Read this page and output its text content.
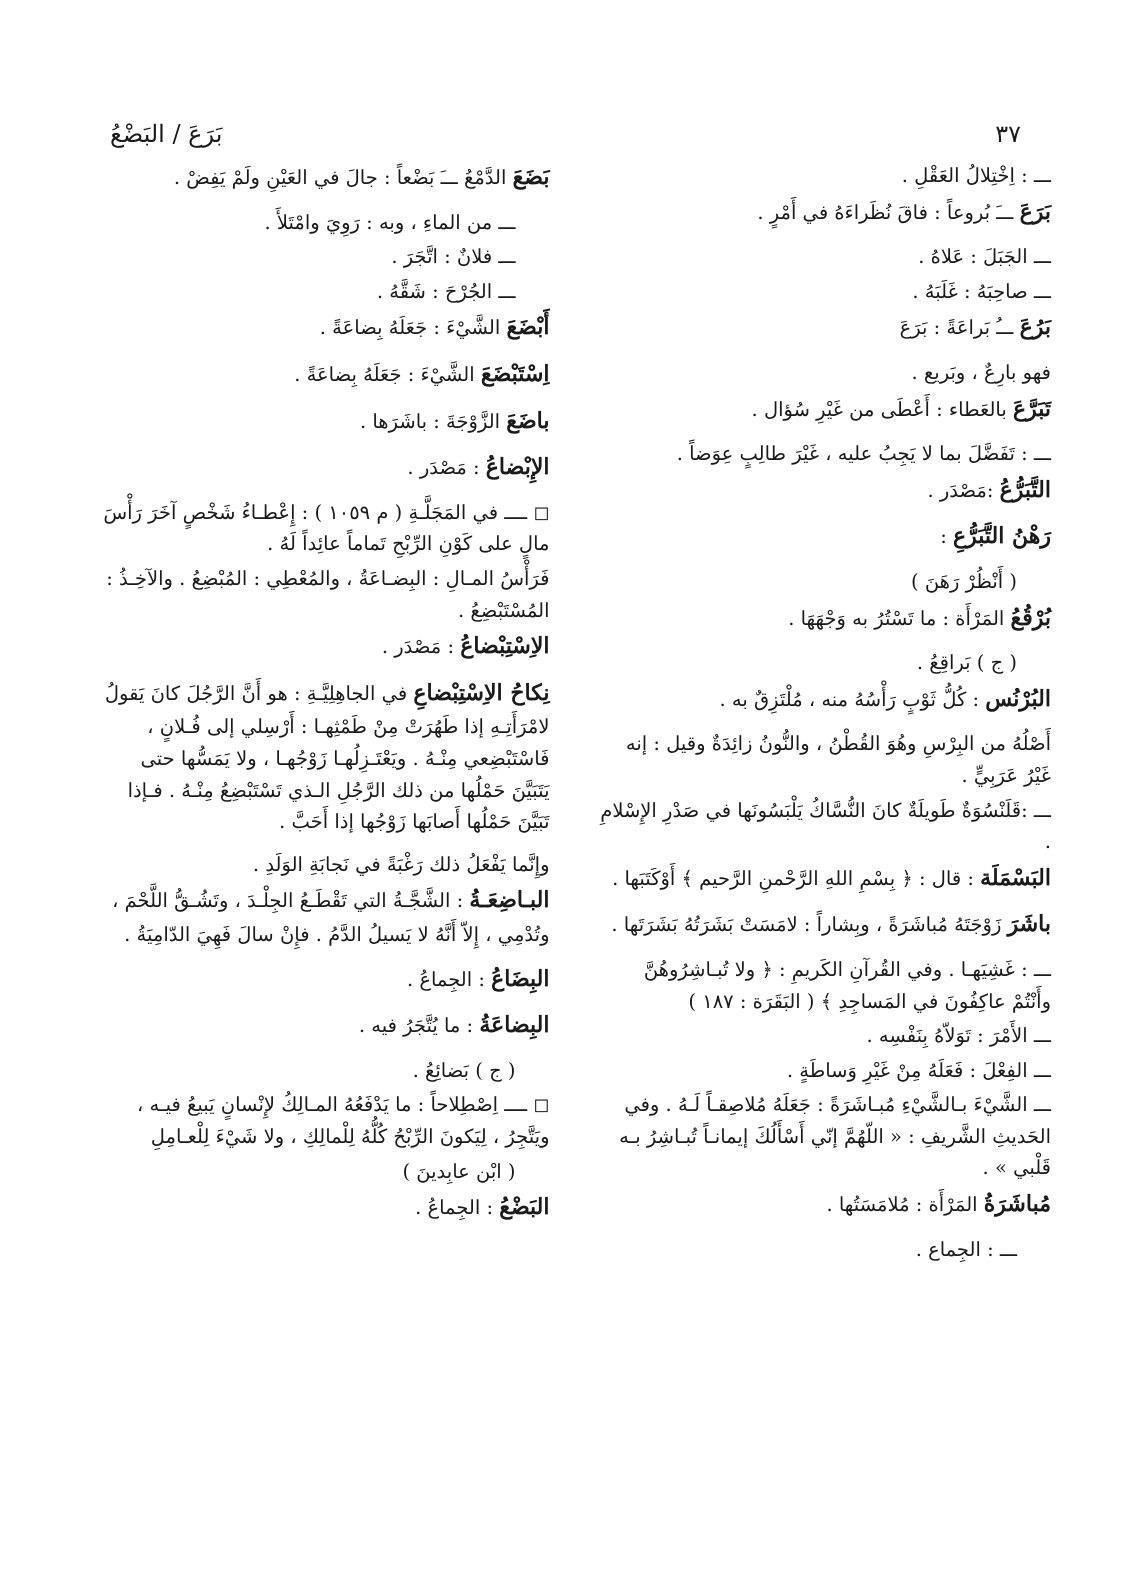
٣٧
بَرَعَ / البَضْعُ
ـــ : اِخْتِلالُ العَقْلِ .
بَرَعَ ـــَ بُروعاً : فاقَ نُظَراءَهُ في أَمْرٍ .
ـــ الجَبَلَ : عَلاهُ .
ـــ صاحِبَهُ : غَلَبَهُ .
بَرُعَ ـــُ بَراعَةً : بَرَعَ
فهو بارِعٌ ، وبَريع .
تَبَرَّعَ بالعَطاء : أَعْطَى من غَيْرِ سُؤال .
ـــ : تَفَضَّلَ بما لا يَجِبُ عليه ، غَيْرَ طالِبٍ عِوَضاً .
التَّبَرُّعُ :مَصْدَر .
رَهْنُ التَّبَرُّعِ :
( أَنْظُرْ رَهَنَ )
بُرْقُعُ المَرْأَة : ما تَسْتُرُ به وَجْهَهَا .
( ج ) بَراقِعُ .
البُرْنُس : كُلُّ ثَوْبٍ رَأْسُهُ منه ، مُلْتَزِقٌ به .
أَصْلُهُ من البِرْسِ وهُوَ القُطْنُ ، والنُّونُ زائِدَةٌ وقيل : إنه غَيْرُ عَرَبِيٍّ .
ـــ :قَلَنْسُوَةٌ طَويلَةٌ كانَ النُّسَّاكُ يَلْبَسُونَها في صَدْرِ الإِسْلامِ .
البَسْمَلَة : قال : ﴿ بِسْمِ اللهِ الرَّحْمنِ الرَّحيم ﴾ أَوْكَتَبَها .
باشَرَ زَوْجَتَهُ مُباشَرَةً ، وبِشاراً : لامَسَتْ بَشَرَتُهُ بَشَرَتَها .
ـــ : غَشِيَهـا . وفي القُرآنِ الكَريمِ : ﴿ ولا تُبـاشِرُوهُنَّ وأَنْتُمْ عاكِفُونَ في المَساجِدِ ﴾ ( البَقَرَة : ١٨٧ )
ـــ الأَمْرَ : تَوَلاّهُ بِنَفْسِه .
ـــ الفِعْلَ : فَعَلَهُ مِنْ غَيْرِ وَساطَةٍ .
ـــ الشَّيْءَ بـالشَّيْءِ مُبـاشَرَةً : جَعَلَهُ مُلاصِقـاً لَـهُ . وفي الحَديثِ الشَّريفِ : « اللّهُمَّ إنّي أَسْأَلُكَ إيمانـاً تُبـاشِرُ بـه قَلْبي » .
مُباشَرَةُ المَرْأَة : مُلامَسَتُها .
ـــ : الجِماع .
بَضَعَ الدَّمْعُ ـــَ بَضْعاً : جالَ في العَيْنِ ولَمْ يَفِضْ .
ـــ من الماءِ ، وبه : رَوِيَ وامْتَلأَ .
ـــ فلانٌ : اتَّجَرَ .
ـــ الجُرْحَ : شَقَّهُ .
أَبْضَعَ الشَّيْءَ : جَعَلَهُ بِضاعَةً .
اِسْتَبْضَعَ الشَّيْءَ : جَعَلَهُ بِضاعَةً .
باضَعَ الزَّوْجَةَ : باشَرَها .
الإِبْضاعُ : مَصْدَر .
◻ ــــ في المَجَلَّـةِ ( م ١٠٥٩ ) : إِعْطـاءُ شَخْصٍ آخَرَ رَأْسَ مالٍ على كَوْنِ الرِّبْحِ تَماماً عائِداً لَهُ .
فَرَأْسُ المـالِ : البِضـاعَةُ ، والمُعْطِي : المُبْضِعُ . والآخِـذُ : المُسْتَبْضِعُ .
الاِسْتِبْضاعُ : مَصْدَر .
نِكاحُ الاِسْتِبْضاعِ في الجاهِلِيَّـةِ : هو أَنَّ الرَّجُلَ كانَ يَقولُ لامْرَأَتِـهِ إذا طَهُرَتْ مِنْ طَمْثِهـا : أَرْسِلي إلى فُـلانٍ ، فَاسْتَبْضِعي مِنْـهُ . ويَعْتَـزِلُهـا زَوْجُهـا ، ولا يَمَسُّها حتى يَتَبَيَّنَ حَمْلُها من ذلك الرَّجُلِ الـذي تَسْتَبْضِعُ مِنْـهُ . فـإذا تَبَيَّنَ حَمْلُها أَصابَها زَوْجُها إذا أَحَبَّ .
وإِنَّما يَفْعَلُ ذلك رَغْبَةً في نَجابَةِ الوَلَدِ .
البـاضِعَـةُ : الشَّجَّـةُ التي تَقْطَـعُ الجِلْـدَ ، وتَشُـقُّ اللَّحْمَ ، وتُدْمِي ، إِلاّ أَنَّهُ لا يَسيلُ الدَّمُ . فإِنْ سالَ فَهِيَ الدّامِيَةُ .
البِضَاعُ : الجِماعُ .
البِضاعَةُ : ما يُتَّجَرُ فيه .
( ج ) بَضائِعُ .
◻ ــــ اِصْطِلاحاً : ما يَدْفَعُهُ المـالِكُ لإِنْسانٍ يَبيعُ فيـه ، ويَتَّجِرُ ، لِيَكونَ الرِّبْحُ كُلُّهُ لِلْمالِكِ ، ولا شَيْءَ لِلْعـامِلِ
( ابْن عابِدينَ )
البَضْعُ : الجِماعُ .
